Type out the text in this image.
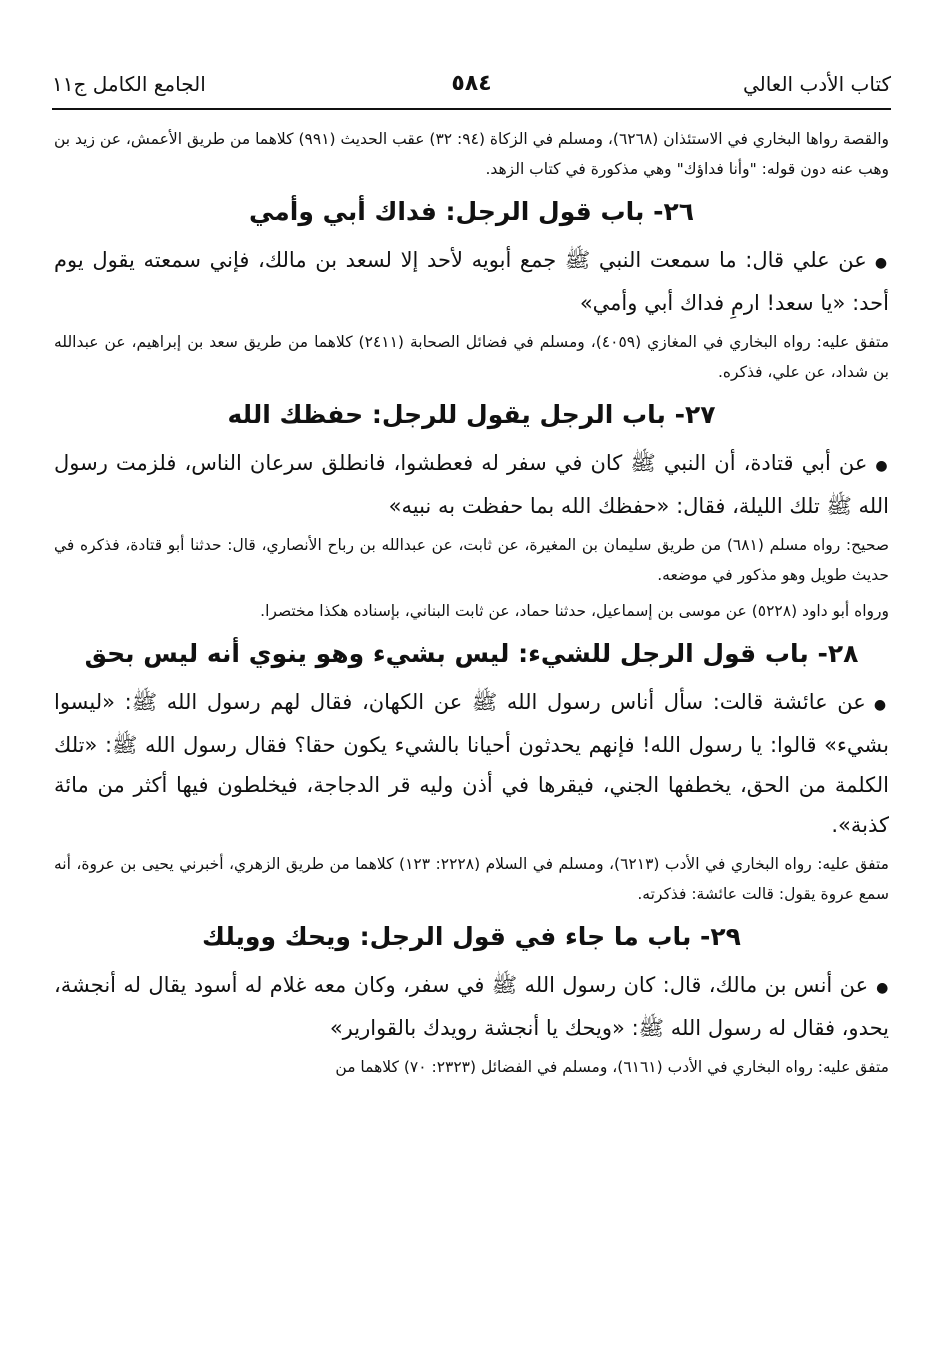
كتاب الأدب العالي
٥٨٤
الجامع الكامل ج١١

والقصة رواها البخاري في الاستئذان (٦٢٦٨)، ومسلم في الزكاة (٩٤: ٣٢) عقب الحديث (٩٩١) كلاهما من طريق الأعمش، عن زيد بن وهب عنه دون قوله: "وأنا فداؤك" وهي مذكورة في كتاب الزهد.

٢٦- باب قول الرجل: فداك أبي وأمي

●عن علي قال: ما سمعت النبي ﷺ جمع أبويه لأحد إلا لسعد بن مالك، فإني سمعته يقول يوم أحد: «يا سعد! ارمِ فداك أبي وأمي»

متفق عليه: رواه البخاري في المغازي (٤٠٥٩)، ومسلم في فضائل الصحابة (٢٤١١) كلاهما من طريق سعد بن إبراهيم، عن عبدالله بن شداد، عن علي، فذكره.

٢٧- باب الرجل يقول للرجل: حفظك الله

●عن أبي قتادة، أن النبي ﷺ كان في سفر له فعطشوا، فانطلق سرعان الناس، فلزمت رسول الله ﷺ تلك الليلة، فقال: «حفظك الله بما حفظت به نبيه»

صحيح: رواه مسلم (٦٨١) من طريق سليمان بن المغيرة، عن ثابت، عن عبدالله بن رباح الأنصاري، قال: حدثنا أبو قتادة، فذكره في حديث طويل وهو مذكور في موضعه.

ورواه أبو داود (٥٢٢٨) عن موسى بن إسماعيل، حدثنا حماد، عن ثابت البناني، بإسناده هكذا مختصرا.

٢٨- باب قول الرجل للشيء: ليس بشيء وهو ينوي أنه ليس بحق

●عن عائشة قالت: سأل أناس رسول الله ﷺ عن الكهان، فقال لهم رسول الله ﷺ: «ليسوا بشيء» قالوا: يا رسول الله! فإنهم يحدثون أحيانا بالشيء يكون حقا؟ فقال رسول الله ﷺ: «تلك الكلمة من الحق، يخطفها الجني، فيقرها في أذن وليه قر الدجاجة، فيخلطون فيها أكثر من مائة كذبة».

متفق عليه: رواه البخاري في الأدب (٦٢١٣)، ومسلم في السلام (٢٢٢٨: ١٢٣) كلاهما من طريق الزهري، أخبرني يحيى بن عروة، أنه سمع عروة يقول: قالت عائشة: فذكرته.

٢٩- باب ما جاء في قول الرجل: ويحك وويلك

●عن أنس بن مالك، قال: كان رسول الله ﷺ في سفر، وكان معه غلام له أسود يقال له أنجشة، يحدو، فقال له رسول الله ﷺ: «ويحك يا أنجشة رويدك بالقوارير»

متفق عليه: رواه البخاري في الأدب (٦١٦١)، ومسلم في الفضائل (٢٣٢٣: ٧٠) كلاهما من
